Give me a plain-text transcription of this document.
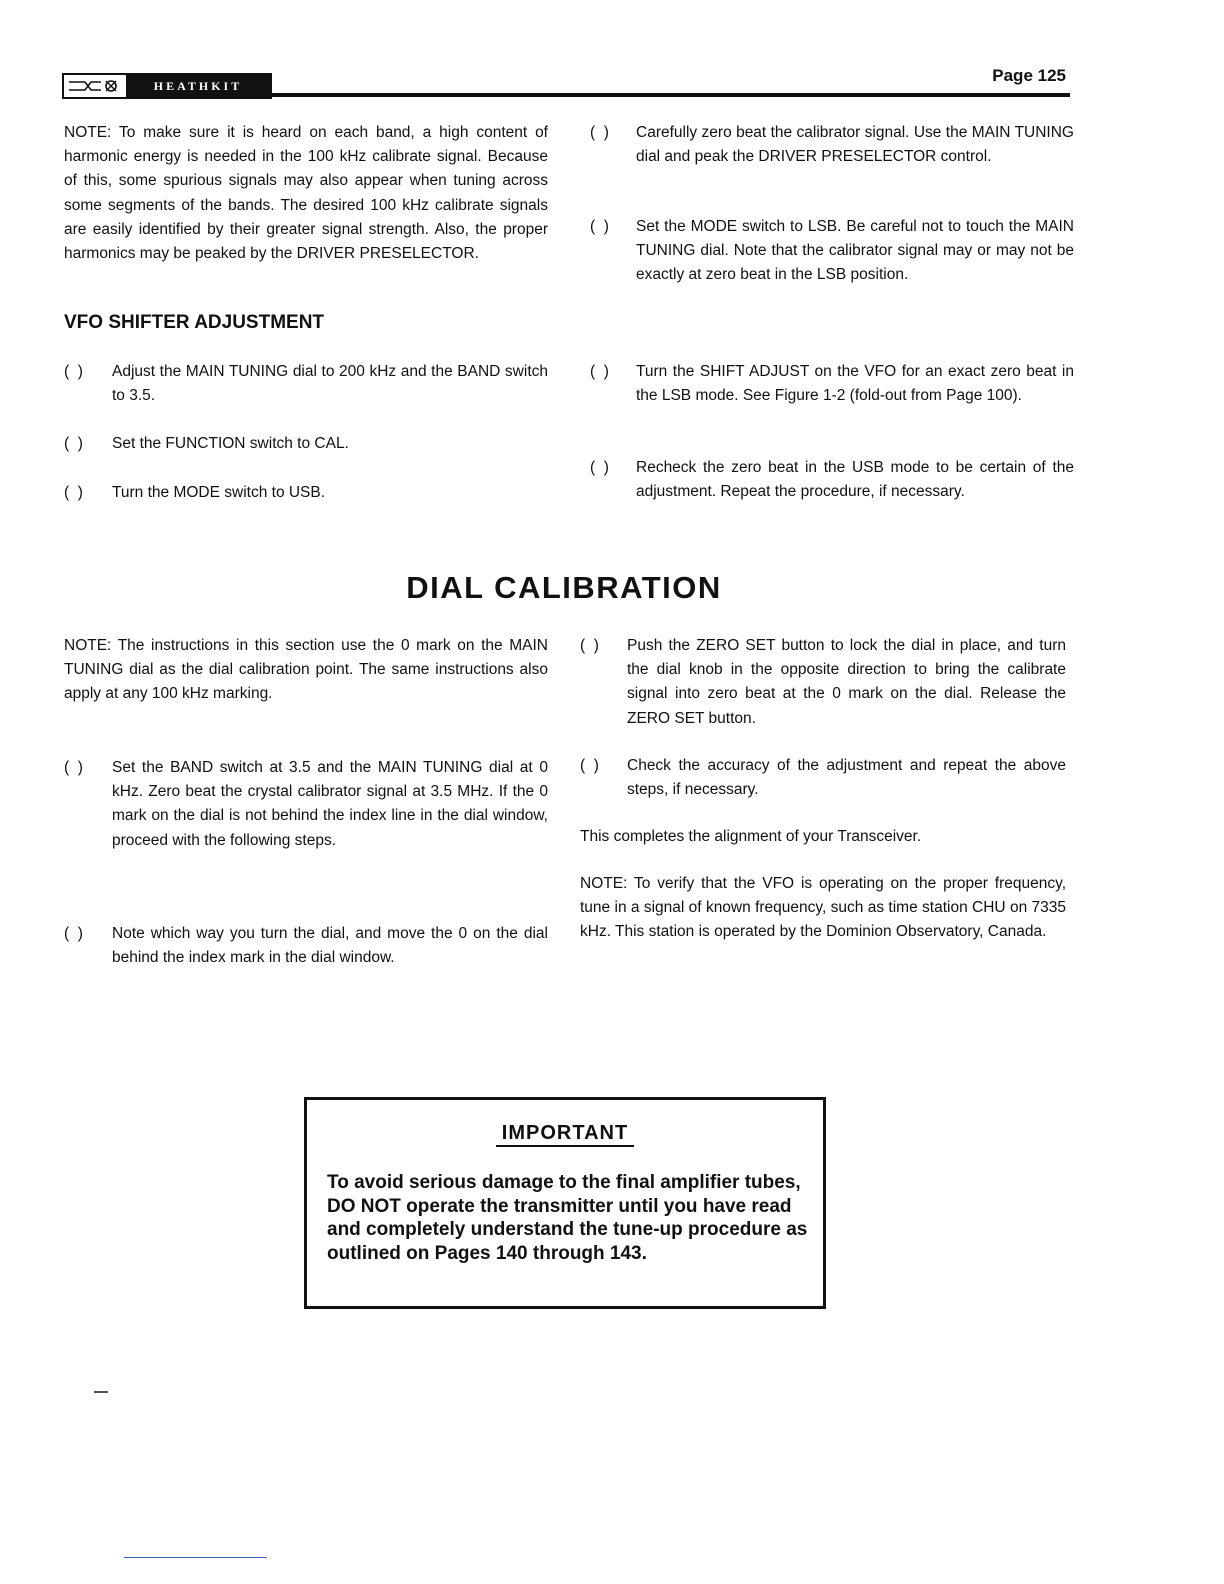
HEATHKIT
Page 125

NOTE: To make sure it is heard on each band, a high content of harmonic energy is needed in the 100 kHz calibrate signal. Because of this, some spurious signals may also appear when tuning across some segments of the bands. The desired 100 kHz calibrate signals are easily identified by their greater signal strength. Also, the proper harmonics may be peaked by the DRIVER PRESELECTOR.

VFO SHIFTER ADJUSTMENT
(  ) Adjust the MAIN TUNING dial to 200 kHz and the BAND switch to 3.5.
(  ) Set the FUNCTION switch to CAL.
(  ) Turn the MODE switch to USB.
(  ) Carefully zero beat the calibrator signal. Use the MAIN TUNING dial and peak the DRIVER PRESELECTOR control.
(  ) Set the MODE switch to LSB. Be careful not to touch the MAIN TUNING dial. Note that the calibrator signal may or may not be exactly at zero beat in the LSB position.
(  ) Turn the SHIFT ADJUST on the VFO for an exact zero beat in the LSB mode. See Figure 1-2 (fold-out from Page 100).
(  ) Recheck the zero beat in the USB mode to be certain of the adjustment. Repeat the procedure, if necessary.
DIAL CALIBRATION

NOTE: The instructions in this section use the 0 mark on the MAIN TUNING dial as the dial calibration point. The same instructions also apply at any 100 kHz marking.

(  ) Set the BAND switch at 3.5 and the MAIN TUNING dial at 0 kHz. Zero beat the crystal calibrator signal at 3.5 MHz. If the 0 mark on the dial is not behind the index line in the dial window, proceed with the following steps.
(  ) Note which way you turn the dial, and move the 0 on the dial behind the index mark in the dial window.
(  ) Push the ZERO SET button to lock the dial in place, and turn the dial knob in the opposite direction to bring the calibrate signal into zero beat at the 0 mark on the dial. Release the ZERO SET button.
(  ) Check the accuracy of the adjustment and repeat the above steps, if necessary.

This completes the alignment of your Transceiver.

NOTE: To verify that the VFO is operating on the proper frequency, tune in a signal of known frequency, such as time station CHU on 7335 kHz. This station is operated by the Dominion Observatory, Canada.

IMPORTANT
To avoid serious damage to the final amplifier tubes, DO NOT operate the transmitter until you have read and completely understand the tune-up procedure as outlined on Pages 140 through 143.
